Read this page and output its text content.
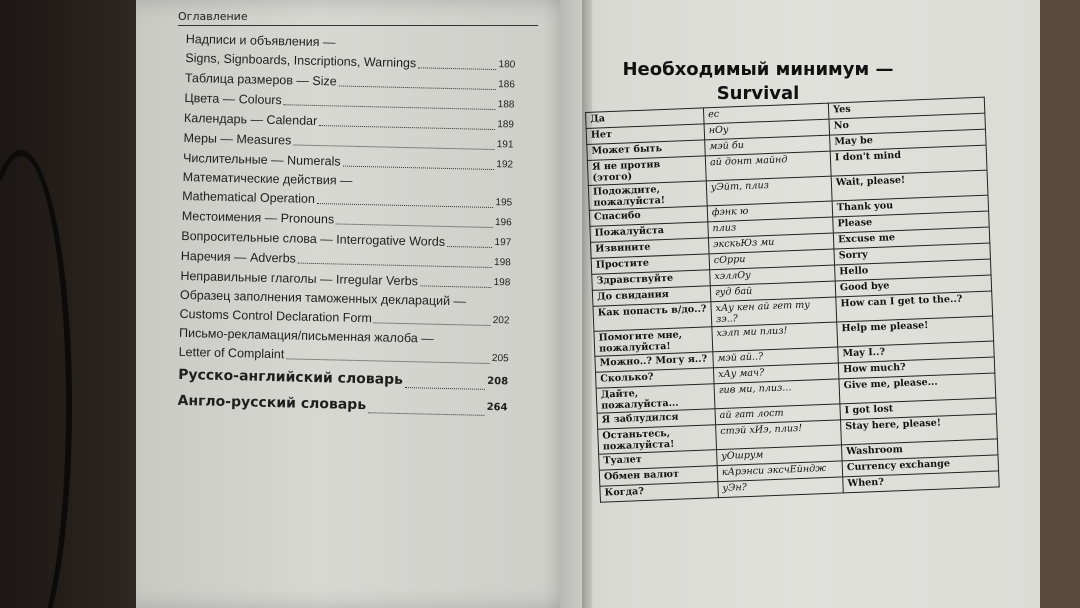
Оглавление
Надписи и объявления —
Signs, Signboards, Inscriptions, Warnings	180
Таблица размеров — Size	186
Цвета — Colours	188
Календарь — Calendar	189
Меры — Measures	191
Числительные — Numerals	192
Математические действия —
Mathematical Operation	195
Местоимения — Pronouns	196
Вопросительные слова — Interrogative Words	197
Наречия — Adverbs	198
Неправильные глаголы — Irregular Verbs	198
Образец заполнения таможенных деклараций —
Customs Control Declaration Form	202
Письмо-рекламация/письменная жалоба —
Letter of Complaint	205
Русско-английский словарь	208
Англо-русский словарь	264
Необходимый минимум —
Survival
Да	ес	Yes
Нет	нОу	No
Может быть	мэй би	May be
Я не против (этого)	ай донт майнд	I don't mind
Подождите, пожалуйста!	уЭйт, плиз	Wait, please!
Спасибо	фэнк ю	Thank you
Пожалуйста	плиз	Please
Извините	экскьЮз ми	Excuse me
Простите	сОрри	Sorry
Здравствуйте	хэллОу	Hello
До свидания	гуд бай	Good bye
Как попасть в/до..?	хАу кен ай гет ту зэ..?	How can I get to the..?
Помогите мне, пожалуйста!	хэлп ми плиз!	Help me please!
Можно..? Могу я..?	мэй ай..?	May I..?
Сколько?	хАу мач?	How much?
Дайте, пожалуйста...	гив ми, плиз...	Give me, please...
Я заблудился	ай гат лост	I got lost
Останьтесь, пожалуйста!	стэй хИэ, плиз!	Stay here, please!
Туалет	уОшрум	Washroom
Обмен валют	кАрэнси эксчЕйндж	Currency exchange
Когда?	уЭн?	When?
